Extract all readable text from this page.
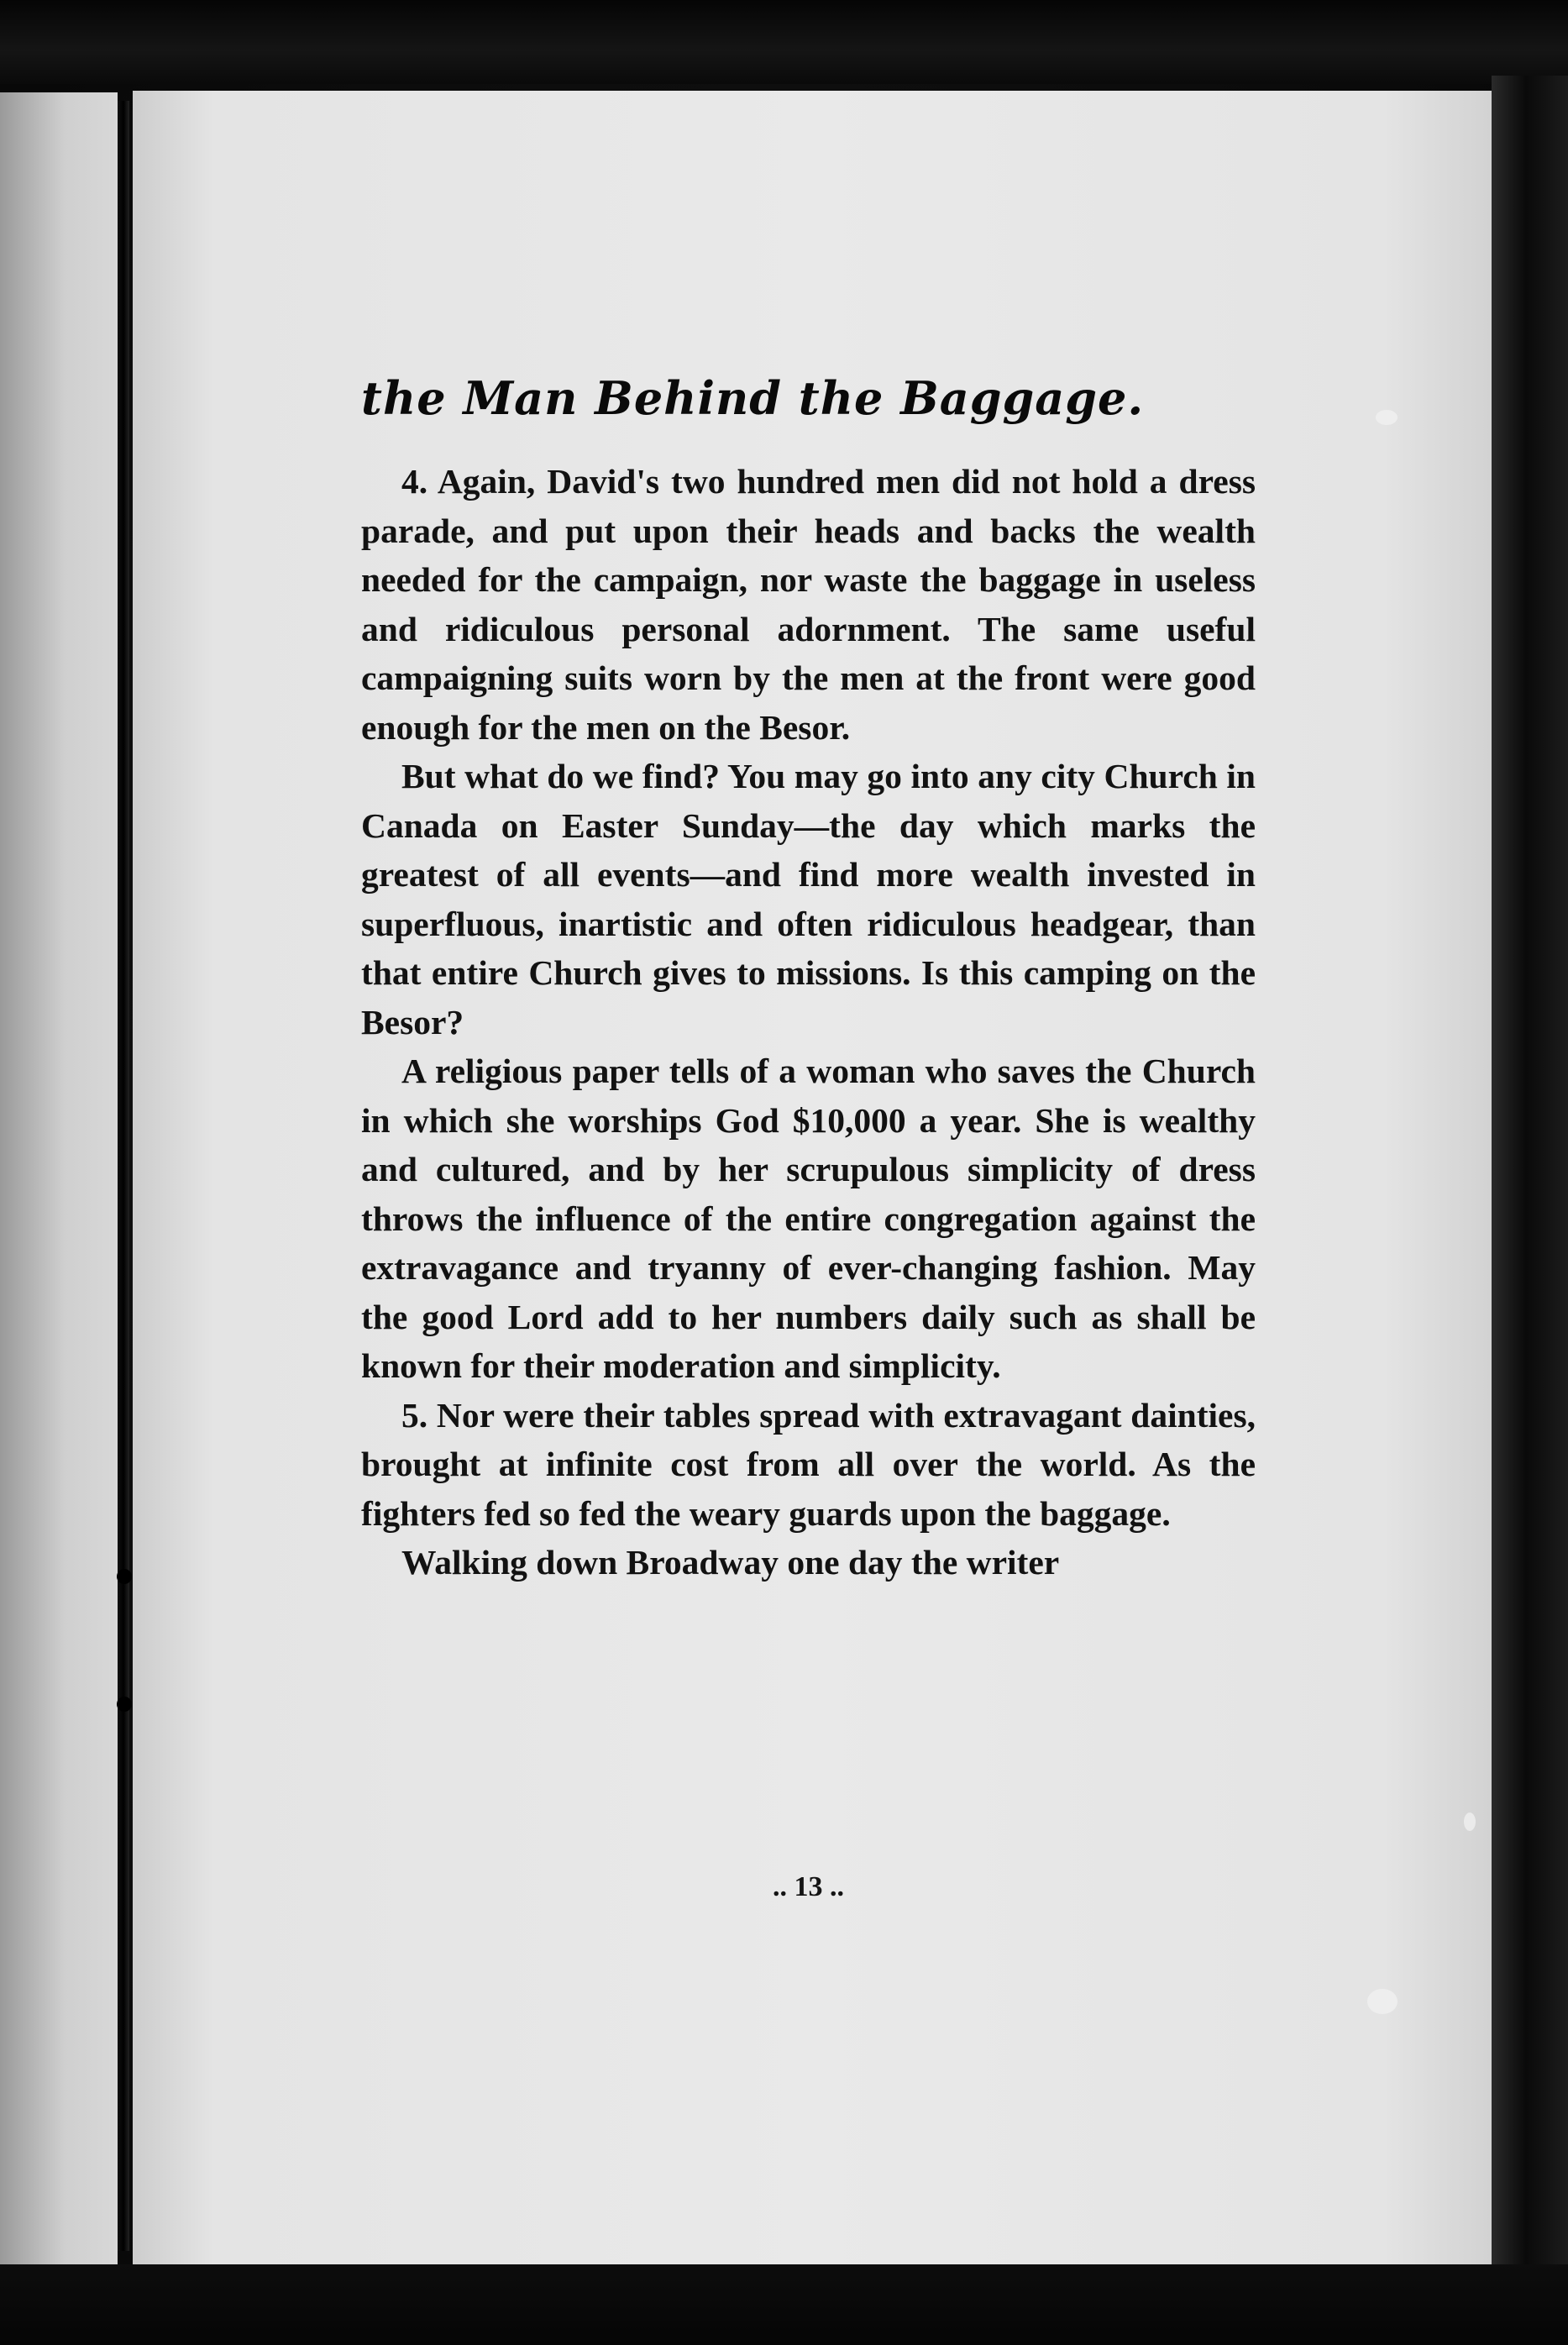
the Man Behind the Baggage.

4. Again, David's two hundred men did not hold a dress parade, and put upon their heads and backs the wealth needed for the campaign, nor waste the baggage in useless and ridiculous personal adornment. The same useful campaigning suits worn by the men at the front were good enough for the men on the Besor.

But what do we find? You may go into any city Church in Canada on Easter Sunday—the day which marks the greatest of all events—and find more wealth invested in superfluous, inartistic and often ridiculous headgear, than that entire Church gives to missions. Is this camping on the Besor?

A religious paper tells of a woman who saves the Church in which she worships God $10,000 a year. She is wealthy and cultured, and by her scrupulous simplicity of dress throws the influence of the entire congregation against the extravagance and tryanny of ever-changing fashion. May the good Lord add to her numbers daily such as shall be known for their moderation and simplicity.

5. Nor were their tables spread with extravagant dainties, brought at infinite cost from all over the world. As the fighters fed so fed the weary guards upon the baggage.

Walking down Broadway one day the writer

.. 13 ..
